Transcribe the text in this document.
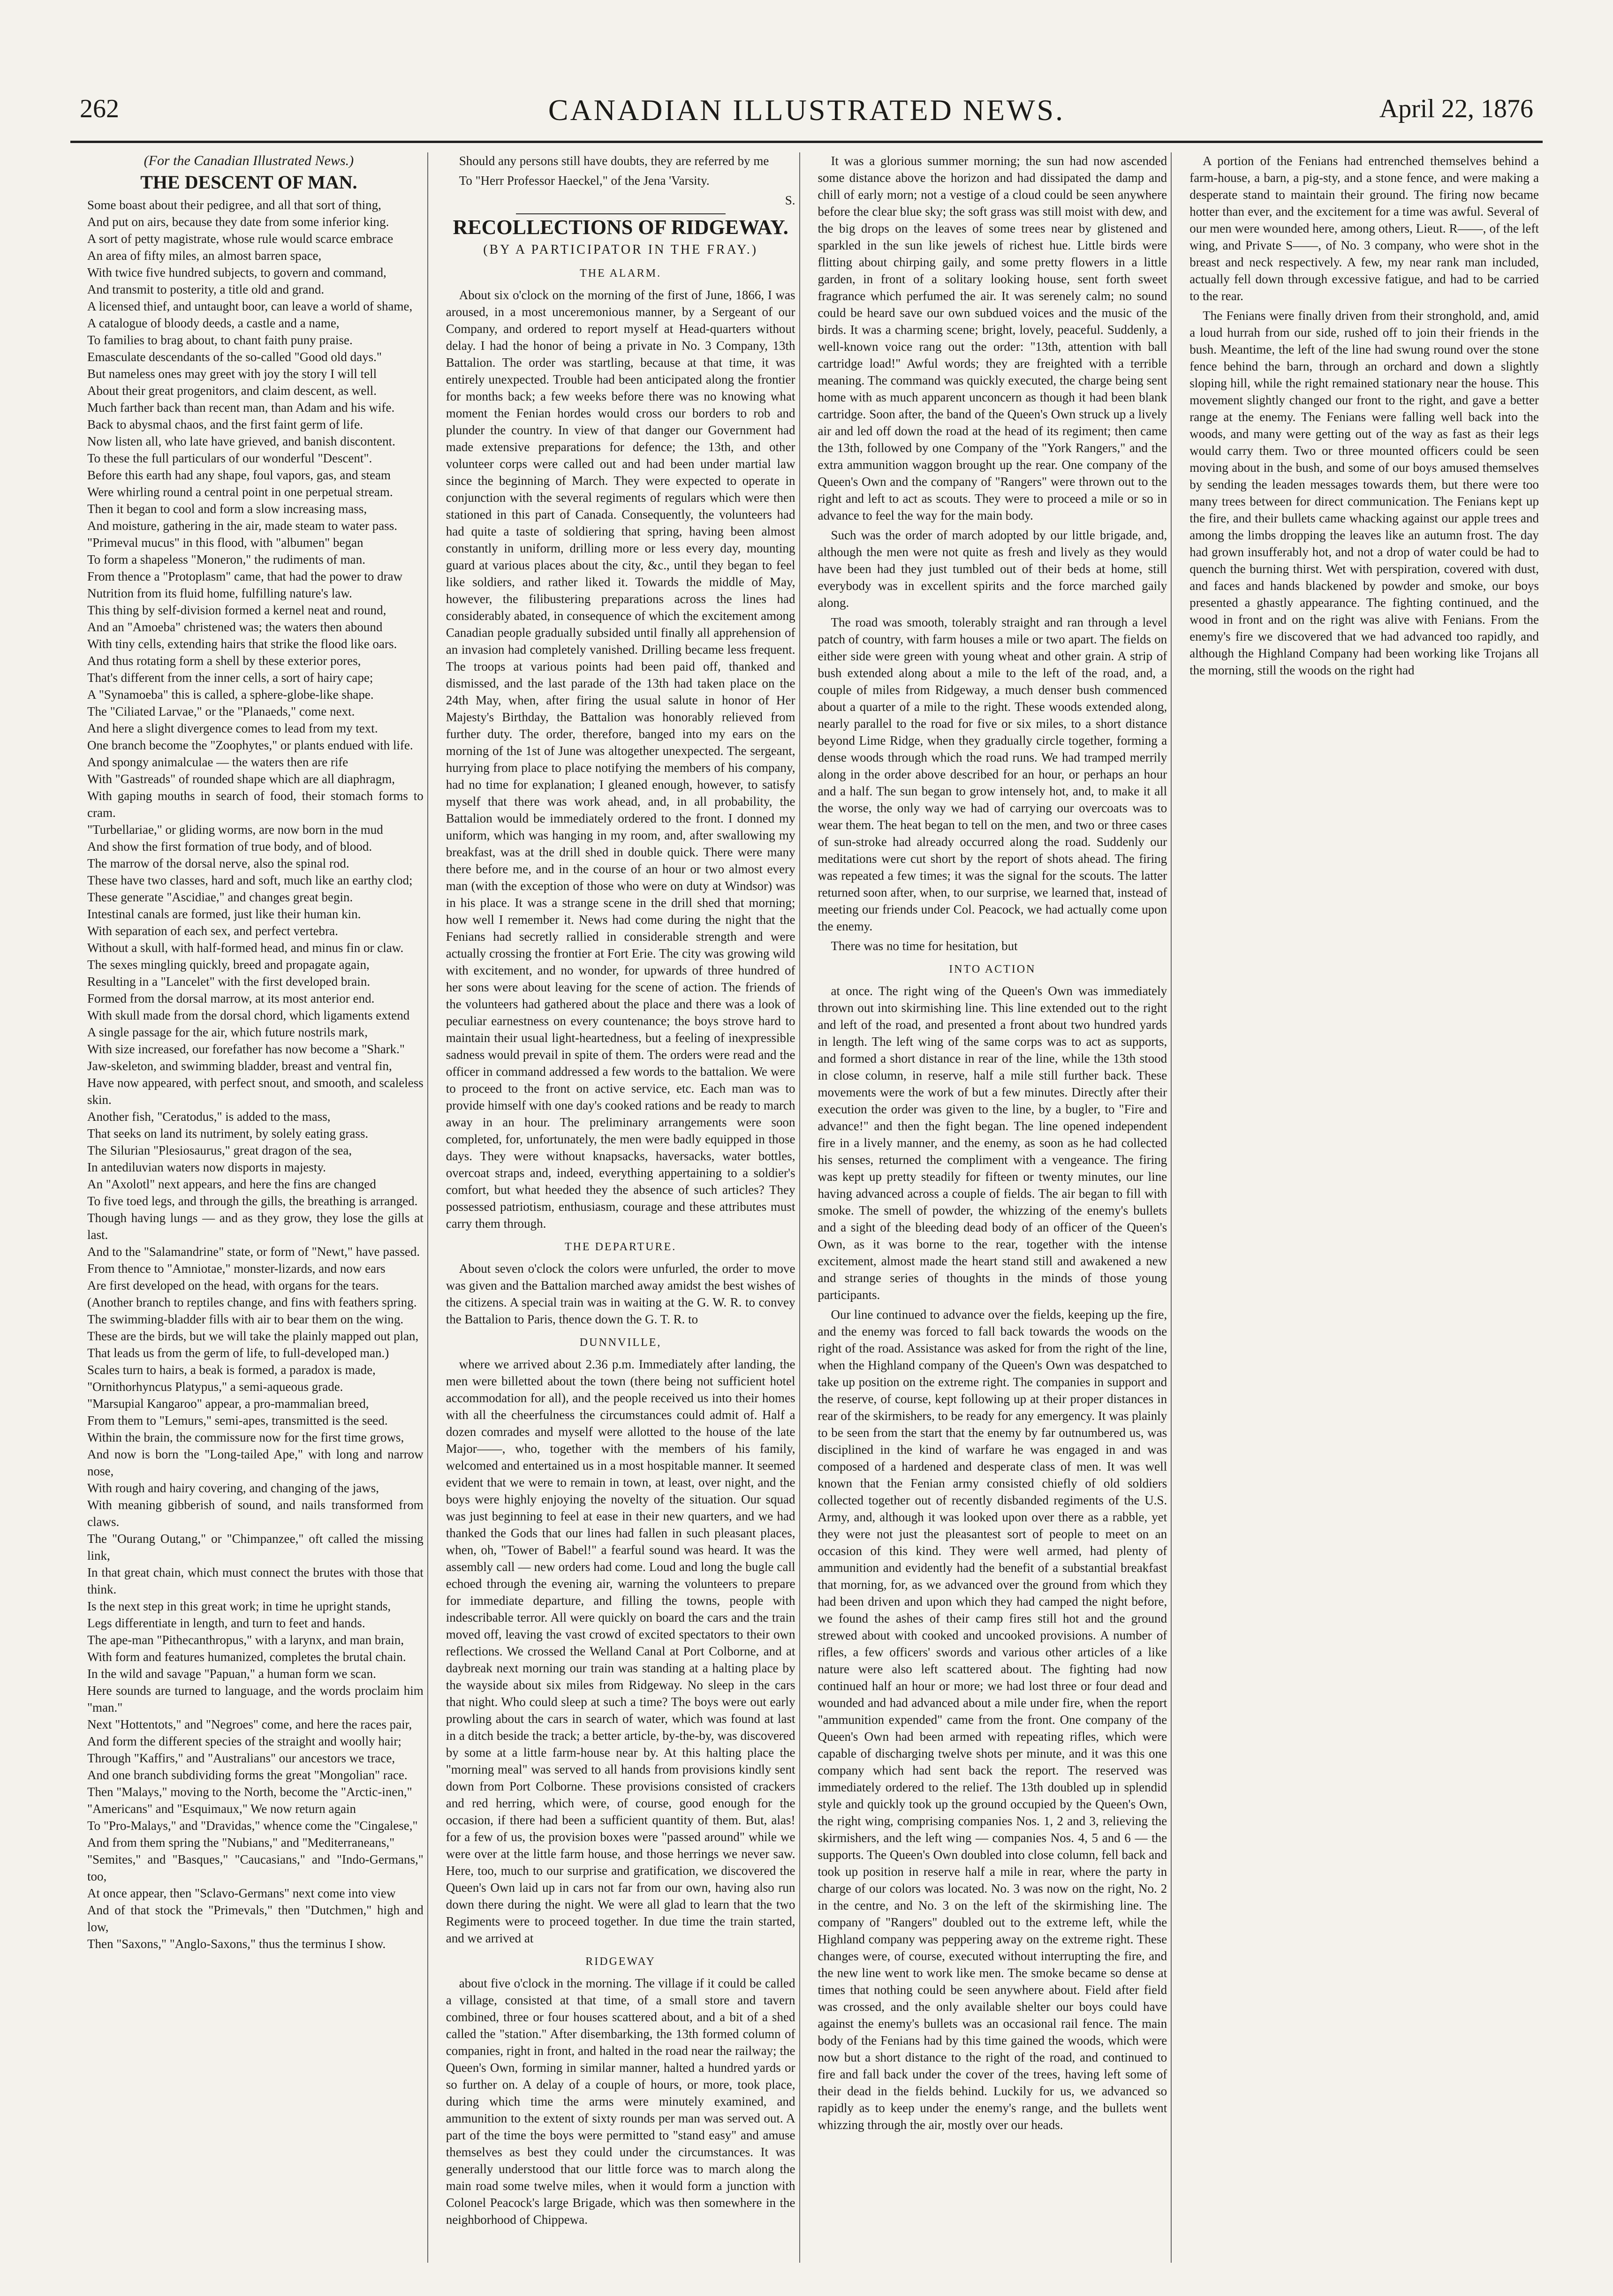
262	CANADIAN ILLUSTRATED NEWS.	April 22, 1876
(For the Canadian Illustrated News.)
THE DESCENT OF MAN.

Some boast about their pedigree, and all that sort of thing,

And put on airs, because they date from some inferior king.

A sort of petty magistrate, whose rule would scarce embrace

An area of fifty miles, an almost barren space,

With twice five hundred subjects, to govern and command,

And transmit to posterity, a title old and grand.

A licensed thief, and untaught boor, can leave a world of shame,

A catalogue of bloody deeds, a castle and a name,

To families to brag about, to chant faith puny praise.

Emasculate descendants of the so-called "Good old days."

But nameless ones may greet with joy the story I will tell

About their great progenitors, and claim descent, as well.

Much farther back than recent man, than Adam and his wife.

Back to abysmal chaos, and the first faint germ of life.

Now listen all, who late have grieved, and banish discontent.

To these the full particulars of our wonderful "Descent".

Before this earth had any shape, foul vapors, gas, and steam

Were whirling round a central point in one perpetual stream.

Then it began to cool and form a slow increasing mass,

And moisture, gathering in the air, made steam to water pass.

"Primeval mucus" in this flood, with "albumen" began

To form a shapeless "Moneron," the rudiments of man.

From thence a "Protoplasm" came, that had the power to draw

Nutrition from its fluid home, fulfilling nature's law.

This thing by self-division formed a kernel neat and round,

And an "Amoeba" christened was; the waters then abound

With tiny cells, extending hairs that strike the flood like oars.

And thus rotating form a shell by these exterior pores,

That's different from the inner cells, a sort of hairy cape;

A "Synamoeba" this is called, a sphere-globe-like shape.

The "Ciliated Larvae," or the "Planaeds," come next.

And here a slight divergence comes to lead from my text.

One branch become the "Zoophytes," or plants endued with life.

And spongy animalculae — the waters then are rife

With "Gastreads" of rounded shape which are all diaphragm,

With gaping mouths in search of food, their stomach forms to cram.

"Turbellariae," or gliding worms, are now born in the mud

And show the first formation of true body, and of blood.

The marrow of the dorsal nerve, also the spinal rod.

These have two classes, hard and soft, much like an earthy clod;

These generate "Ascidiae," and changes great begin.

Intestinal canals are formed, just like their human kin.

With separation of each sex, and perfect vertebra.

Without a skull, with half-formed head, and minus fin or claw.

The sexes mingling quickly, breed and propagate again,

Resulting in a "Lancelet" with the first developed brain.

Formed from the dorsal marrow, at its most anterior end.

With skull made from the dorsal chord, which ligaments extend

A single passage for the air, which future nostrils mark,

With size increased, our forefather has now become a "Shark."

Jaw-skeleton, and swimming bladder, breast and ventral fin,

Have now appeared, with perfect snout, and smooth, and scaleless skin.

Another fish, "Ceratodus," is added to the mass,

That seeks on land its nutriment, by solely eating grass.

The Silurian "Plesiosaurus," great dragon of the sea,

In antediluvian waters now disports in majesty.

An "Axolotl" next appears, and here the fins are changed

To five toed legs, and through the gills, the breathing is arranged.

Though having lungs — and as they grow, they lose the gills at last.

And to the "Salamandrine" state, or form of "Newt," have passed.

From thence to "Amniotae," monster-lizards, and now ears

Are first developed on the head, with organs for the tears.

(Another branch to reptiles change, and fins with feathers spring.

The swimming-bladder fills with air to bear them on the wing.

These are the birds, but we will take the plainly mapped out plan,

That leads us from the germ of life, to full-developed man.)

Scales turn to hairs, a beak is formed, a paradox is made,

"Ornithorhyncus Platypus," a semi-aqueous grade.

"Marsupial Kangaroo" appear, a pro-mammalian breed,

From them to "Lemurs," semi-apes, transmitted is the seed.

Within the brain, the commissure now for the first time grows,

And now is born the "Long-tailed Ape," with long and narrow nose,

With rough and hairy covering, and changing of the jaws,

With meaning gibberish of sound, and nails transformed from claws.

The "Ourang Outang," or "Chimpanzee," oft called the missing link,

In that great chain, which must connect the brutes with those that think.

Is the next step in this great work; in time he upright stands,

Legs differentiate in length, and turn to feet and hands.

The ape-man "Pithecanthropus," with a larynx, and man brain,

With form and features humanized, completes the brutal chain.

In the wild and savage "Papuan," a human form we scan.

Here sounds are turned to language, and the words proclaim him "man."

Next "Hottentots," and "Negroes" come, and here the races pair,

And form the different species of the straight and woolly hair;

Through "Kaffirs," and "Australians" our ancestors we trace,

And one branch subdividing forms the great "Mongolian" race.

Then "Malays," moving to the North, become the "Arctic-inen,"

"Americans" and "Esquimaux," We now return again

To "Pro-Malays," and "Dravidas," whence come the "Cingalese,"

And from them spring the "Nubians," and "Mediterraneans,"

"Semites," and "Basques," "Caucasians," and "Indo-Germans," too,

At once appear, then "Sclavo-Germans" next come into view

And of that stock the "Primevals," then "Dutchmen," high and low,

Then "Saxons," "Anglo-Saxons," thus the terminus I show.

Should any persons still have doubts, they are referred by me

To "Herr Professor Haeckel," of the Jena 'Varsity.

S.

RECOLLECTIONS OF RIDGEWAY.
(BY A PARTICIPATOR IN THE FRAY.)
THE ALARM.

About six o'clock on the morning of the first of June, 1866, I was aroused, in a most unceremonious manner, by a Sergeant of our Company, and ordered to report myself at Head-quarters without delay. I had the honor of being a private in No. 3 Company, 13th Battalion. The order was startling, because at that time, it was entirely unexpected. Trouble had been anticipated along the frontier for months back; a few weeks before there was no knowing what moment the Fenian hordes would cross our borders to rob and plunder the country. In view of that danger our Government had made extensive preparations for defence; the 13th, and other volunteer corps were called out and had been under martial law since the beginning of March. They were expected to operate in conjunction with the several regiments of regulars which were then stationed in this part of Canada. Consequently, the volunteers had had quite a taste of soldiering that spring, having been almost constantly in uniform, drilling more or less every day, mounting guard at various places about the city, &c., until they began to feel like soldiers, and rather liked it. Towards the middle of May, however, the filibustering preparations across the lines had considerably abated, in consequence of which the excitement among Canadian people gradually subsided until finally all apprehension of an invasion had completely vanished. Drilling became less frequent. The troops at various points had been paid off, thanked and dismissed, and the last parade of the 13th had taken place on the 24th May, when, after firing the usual salute in honor of Her Majesty's Birthday, the Battalion was honorably relieved from further duty. The order, therefore, banged into my ears on the morning of the 1st of June was altogether unexpected. The sergeant, hurrying from place to place notifying the members of his company, had no time for explanation; I gleaned enough, however, to satisfy myself that there was work ahead, and, in all probability, the Battalion would be immediately ordered to the front. I donned my uniform, which was hanging in my room, and, after swallowing my breakfast, was at the drill shed in double quick. There were many there before me, and in the course of an hour or two almost every man (with the exception of those who were on duty at Windsor) was in his place. It was a strange scene in the drill shed that morning; how well I remember it. News had come during the night that the Fenians had secretly rallied in considerable strength and were actually crossing the frontier at Fort Erie. The city was growing wild with excitement, and no wonder, for upwards of three hundred of her sons were about leaving for the scene of action. The friends of the volunteers had gathered about the place and there was a look of peculiar earnestness on every countenance; the boys strove hard to maintain their usual light-heartedness, but a feeling of inexpressible sadness would prevail in spite of them. The orders were read and the officer in command addressed a few words to the battalion. We were to proceed to the front on active service, etc. Each man was to provide himself with one day's cooked rations and be ready to march away in an hour. The preliminary arrangements were soon completed, for, unfortunately, the men were badly equipped in those days. They were without knapsacks, haversacks, water bottles, overcoat straps and, indeed, everything appertaining to a soldier's comfort, but what heeded they the absence of such articles? They possessed patriotism, enthusiasm, courage and these attributes must carry them through.

THE DEPARTURE.

About seven o'clock the colors were unfurled, the order to move was given and the Battalion marched away amidst the best wishes of the citizens. A special train was in waiting at the G. W. R. to convey the Battalion to Paris, thence down the G. T. R. to

DUNNVILLE,

where we arrived about 2.36 p.m. Immediately after landing, the men were billetted about the town (there being not sufficient hotel accommodation for all), and the people received us into their homes with all the cheerfulness the circumstances could admit of. Half a dozen comrades and myself were allotted to the house of the late Major——, who, together with the members of his family, welcomed and entertained us in a most hospitable manner. It seemed evident that we were to remain in town, at least, over night, and the boys were highly enjoying the novelty of the situation. Our squad was just beginning to feel at ease in their new quarters, and we had thanked the Gods that our lines had fallen in such pleasant places, when, oh, "Tower of Babel!" a fearful sound was heard. It was the assembly call — new orders had come. Loud and long the bugle call echoed through the evening air, warning the volunteers to prepare for immediate departure, and filling the towns, people with indescribable terror. All were quickly on board the cars and the train moved off, leaving the vast crowd of excited spectators to their own reflections. We crossed the Welland Canal at Port Colborne, and at daybreak next morning our train was standing at a halting place by the wayside about six miles from Ridgeway. No sleep in the cars that night. Who could sleep at such a time? The boys were out early prowling about the cars in search of water, which was found at last in a ditch beside the track; a better article, by-the-by, was discovered by some at a little farm-house near by. At this halting place the "morning meal" was served to all hands from provisions kindly sent down from Port Colborne. These provisions consisted of crackers and red herring, which were, of course, good enough for the occasion, if there had been a sufficient quantity of them. But, alas! for a few of us, the provision boxes were "passed around" while we were over at the little farm house, and those herrings we never saw. Here, too, much to our surprise and gratification, we discovered the Queen's Own laid up in cars not far from our own, having also run down there during the night. We were all glad to learn that the two Regiments were to proceed together. In due time the train started, and we arrived at

RIDGEWAY

about five o'clock in the morning. The village if it could be called a village, consisted at that time, of a small store and tavern combined, three or four houses scattered about, and a bit of a shed called the "station." After disembarking, the 13th formed column of companies, right in front, and halted in the road near the railway; the Queen's Own, forming in similar manner, halted a hundred yards or so further on. A delay of a couple of hours, or more, took place, during which time the arms were minutely examined, and ammunition to the extent of sixty rounds per man was served out. A part of the time the boys were permitted to "stand easy" and amuse themselves as best they could under the circumstances. It was generally understood that our little force was to march along the main road some twelve miles, when it would form a junction with Colonel Peacock's large Brigade, which was then somewhere in the neighborhood of Chippewa.

It was a glorious summer morning; the sun had now ascended some distance above the horizon and had dissipated the damp and chill of early morn; not a vestige of a cloud could be seen anywhere before the clear blue sky; the soft grass was still moist with dew, and the big drops on the leaves of some trees near by glistened and sparkled in the sun like jewels of richest hue. Little birds were flitting about chirping gaily, and some pretty flowers in a little garden, in front of a solitary looking house, sent forth sweet fragrance which perfumed the air. It was serenely calm; no sound could be heard save our own subdued voices and the music of the birds. It was a charming scene; bright, lovely, peaceful. Suddenly, a well-known voice rang out the order: "13th, attention with ball cartridge load!" Awful words; they are freighted with a terrible meaning. The command was quickly executed, the charge being sent home with as much apparent unconcern as though it had been blank cartridge. Soon after, the band of the Queen's Own struck up a lively air and led off down the road at the head of its regiment; then came the 13th, followed by one Company of the "York Rangers," and the extra ammunition waggon brought up the rear. One company of the Queen's Own and the company of "Rangers" were thrown out to the right and left to act as scouts. They were to proceed a mile or so in advance to feel the way for the main body.

Such was the order of march adopted by our little brigade, and, although the men were not quite as fresh and lively as they would have been had they just tumbled out of their beds at home, still everybody was in excellent spirits and the force marched gaily along.

The road was smooth, tolerably straight and ran through a level patch of country, with farm houses a mile or two apart. The fields on either side were green with young wheat and other grain. A strip of bush extended along about a mile to the left of the road, and, a couple of miles from Ridgeway, a much denser bush commenced about a quarter of a mile to the right. These woods extended along, nearly parallel to the road for five or six miles, to a short distance beyond Lime Ridge, when they gradually circle together, forming a dense woods through which the road runs. We had tramped merrily along in the order above described for an hour, or perhaps an hour and a half. The sun began to grow intensely hot, and, to make it all the worse, the only way we had of carrying our overcoats was to wear them. The heat began to tell on the men, and two or three cases of sun-stroke had already occurred along the road. Suddenly our meditations were cut short by the report of shots ahead. The firing was repeated a few times; it was the signal for the scouts. The latter returned soon after, when, to our surprise, we learned that, instead of meeting our friends under Col. Peacock, we had actually come upon the enemy.

There was no time for hesitation, but

INTO ACTION

at once. The right wing of the Queen's Own was immediately thrown out into skirmishing line. This line extended out to the right and left of the road, and presented a front about two hundred yards in length. The left wing of the same corps was to act as supports, and formed a short distance in rear of the line, while the 13th stood in close column, in reserve, half a mile still further back. These movements were the work of but a few minutes. Directly after their execution the order was given to the line, by a bugler, to "Fire and advance!" and then the fight began. The line opened independent fire in a lively manner, and the enemy, as soon as he had collected his senses, returned the compliment with a vengeance. The firing was kept up pretty steadily for fifteen or twenty minutes, our line having advanced across a couple of fields. The air began to fill with smoke. The smell of powder, the whizzing of the enemy's bullets and a sight of the bleeding dead body of an officer of the Queen's Own, as it was borne to the rear, together with the intense excitement, almost made the heart stand still and awakened a new and strange series of thoughts in the minds of those young participants.

Our line continued to advance over the fields, keeping up the fire, and the enemy was forced to fall back towards the woods on the right of the road. Assistance was asked for from the right of the line, when the Highland company of the Queen's Own was despatched to take up position on the extreme right. The companies in support and the reserve, of course, kept following up at their proper distances in rear of the skirmishers, to be ready for any emergency. It was plainly to be seen from the start that the enemy by far outnumbered us, was disciplined in the kind of warfare he was engaged in and was composed of a hardened and desperate class of men. It was well known that the Fenian army consisted chiefly of old soldiers collected together out of recently disbanded regiments of the U.S. Army, and, although it was looked upon over there as a rabble, yet they were not just the pleasantest sort of people to meet on an occasion of this kind. They were well armed, had plenty of ammunition and evidently had the benefit of a substantial breakfast that morning, for, as we advanced over the ground from which they had been driven and upon which they had camped the night before, we found the ashes of their camp fires still hot and the ground strewed about with cooked and uncooked provisions. A number of rifles, a few officers' swords and various other articles of a like nature were also left scattered about. The fighting had now continued half an hour or more; we had lost three or four dead and wounded and had advanced about a mile under fire, when the report "ammunition expended" came from the front. One company of the Queen's Own had been armed with repeating rifles, which were capable of discharging twelve shots per minute, and it was this one company which had sent back the report. The reserved was immediately ordered to the relief. The 13th doubled up in splendid style and quickly took up the ground occupied by the Queen's Own, the right wing, comprising companies Nos. 1, 2 and 3, relieving the skirmishers, and the left wing — companies Nos. 4, 5 and 6 — the supports. The Queen's Own doubled into close column, fell back and took up position in reserve half a mile in rear, where the party in charge of our colors was located. No. 3 was now on the right, No. 2 in the centre, and No. 3 on the left of the skirmishing line. The company of "Rangers" doubled out to the extreme left, while the Highland company was peppering away on the extreme right. These changes were, of course, executed without interrupting the fire, and the new line went to work like men. The smoke became so dense at times that nothing could be seen anywhere about. Field after field was crossed, and the only available shelter our boys could have against the enemy's bullets was an occasional rail fence. The main body of the Fenians had by this time gained the woods, which were now but a short distance to the right of the road, and continued to fire and fall back under the cover of the trees, having left some of their dead in the fields behind. Luckily for us, we advanced so rapidly as to keep under the enemy's range, and the bullets went whizzing through the air, mostly over our heads.

A portion of the Fenians had entrenched themselves behind a farm-house, a barn, a pig-sty, and a stone fence, and were making a desperate stand to maintain their ground. The firing now became hotter than ever, and the excitement for a time was awful. Several of our men were wounded here, among others, Lieut. R——, of the left wing, and Private S——, of No. 3 company, who were shot in the breast and neck respectively. A few, my near rank man included, actually fell down through excessive fatigue, and had to be carried to the rear.

The Fenians were finally driven from their stronghold, and, amid a loud hurrah from our side, rushed off to join their friends in the bush. Meantime, the left of the line had swung round over the stone fence behind the barn, through an orchard and down a slightly sloping hill, while the right remained stationary near the house. This movement slightly changed our front to the right, and gave a better range at the enemy. The Fenians were falling well back into the woods, and many were getting out of the way as fast as their legs would carry them. Two or three mounted officers could be seen moving about in the bush, and some of our boys amused themselves by sending the leaden messages towards them, but there were too many trees between for direct communication. The Fenians kept up the fire, and their bullets came whacking against our apple trees and among the limbs dropping the leaves like an autumn frost. The day had grown insufferably hot, and not a drop of water could be had to quench the burning thirst. Wet with perspiration, covered with dust, and faces and hands blackened by powder and smoke, our boys presented a ghastly appearance. The fighting continued, and the wood in front and on the right was alive with Fenians. From the enemy's fire we discovered that we had advanced too rapidly, and although the Highland Company had been working like Trojans all the morning, still the woods on the right had
